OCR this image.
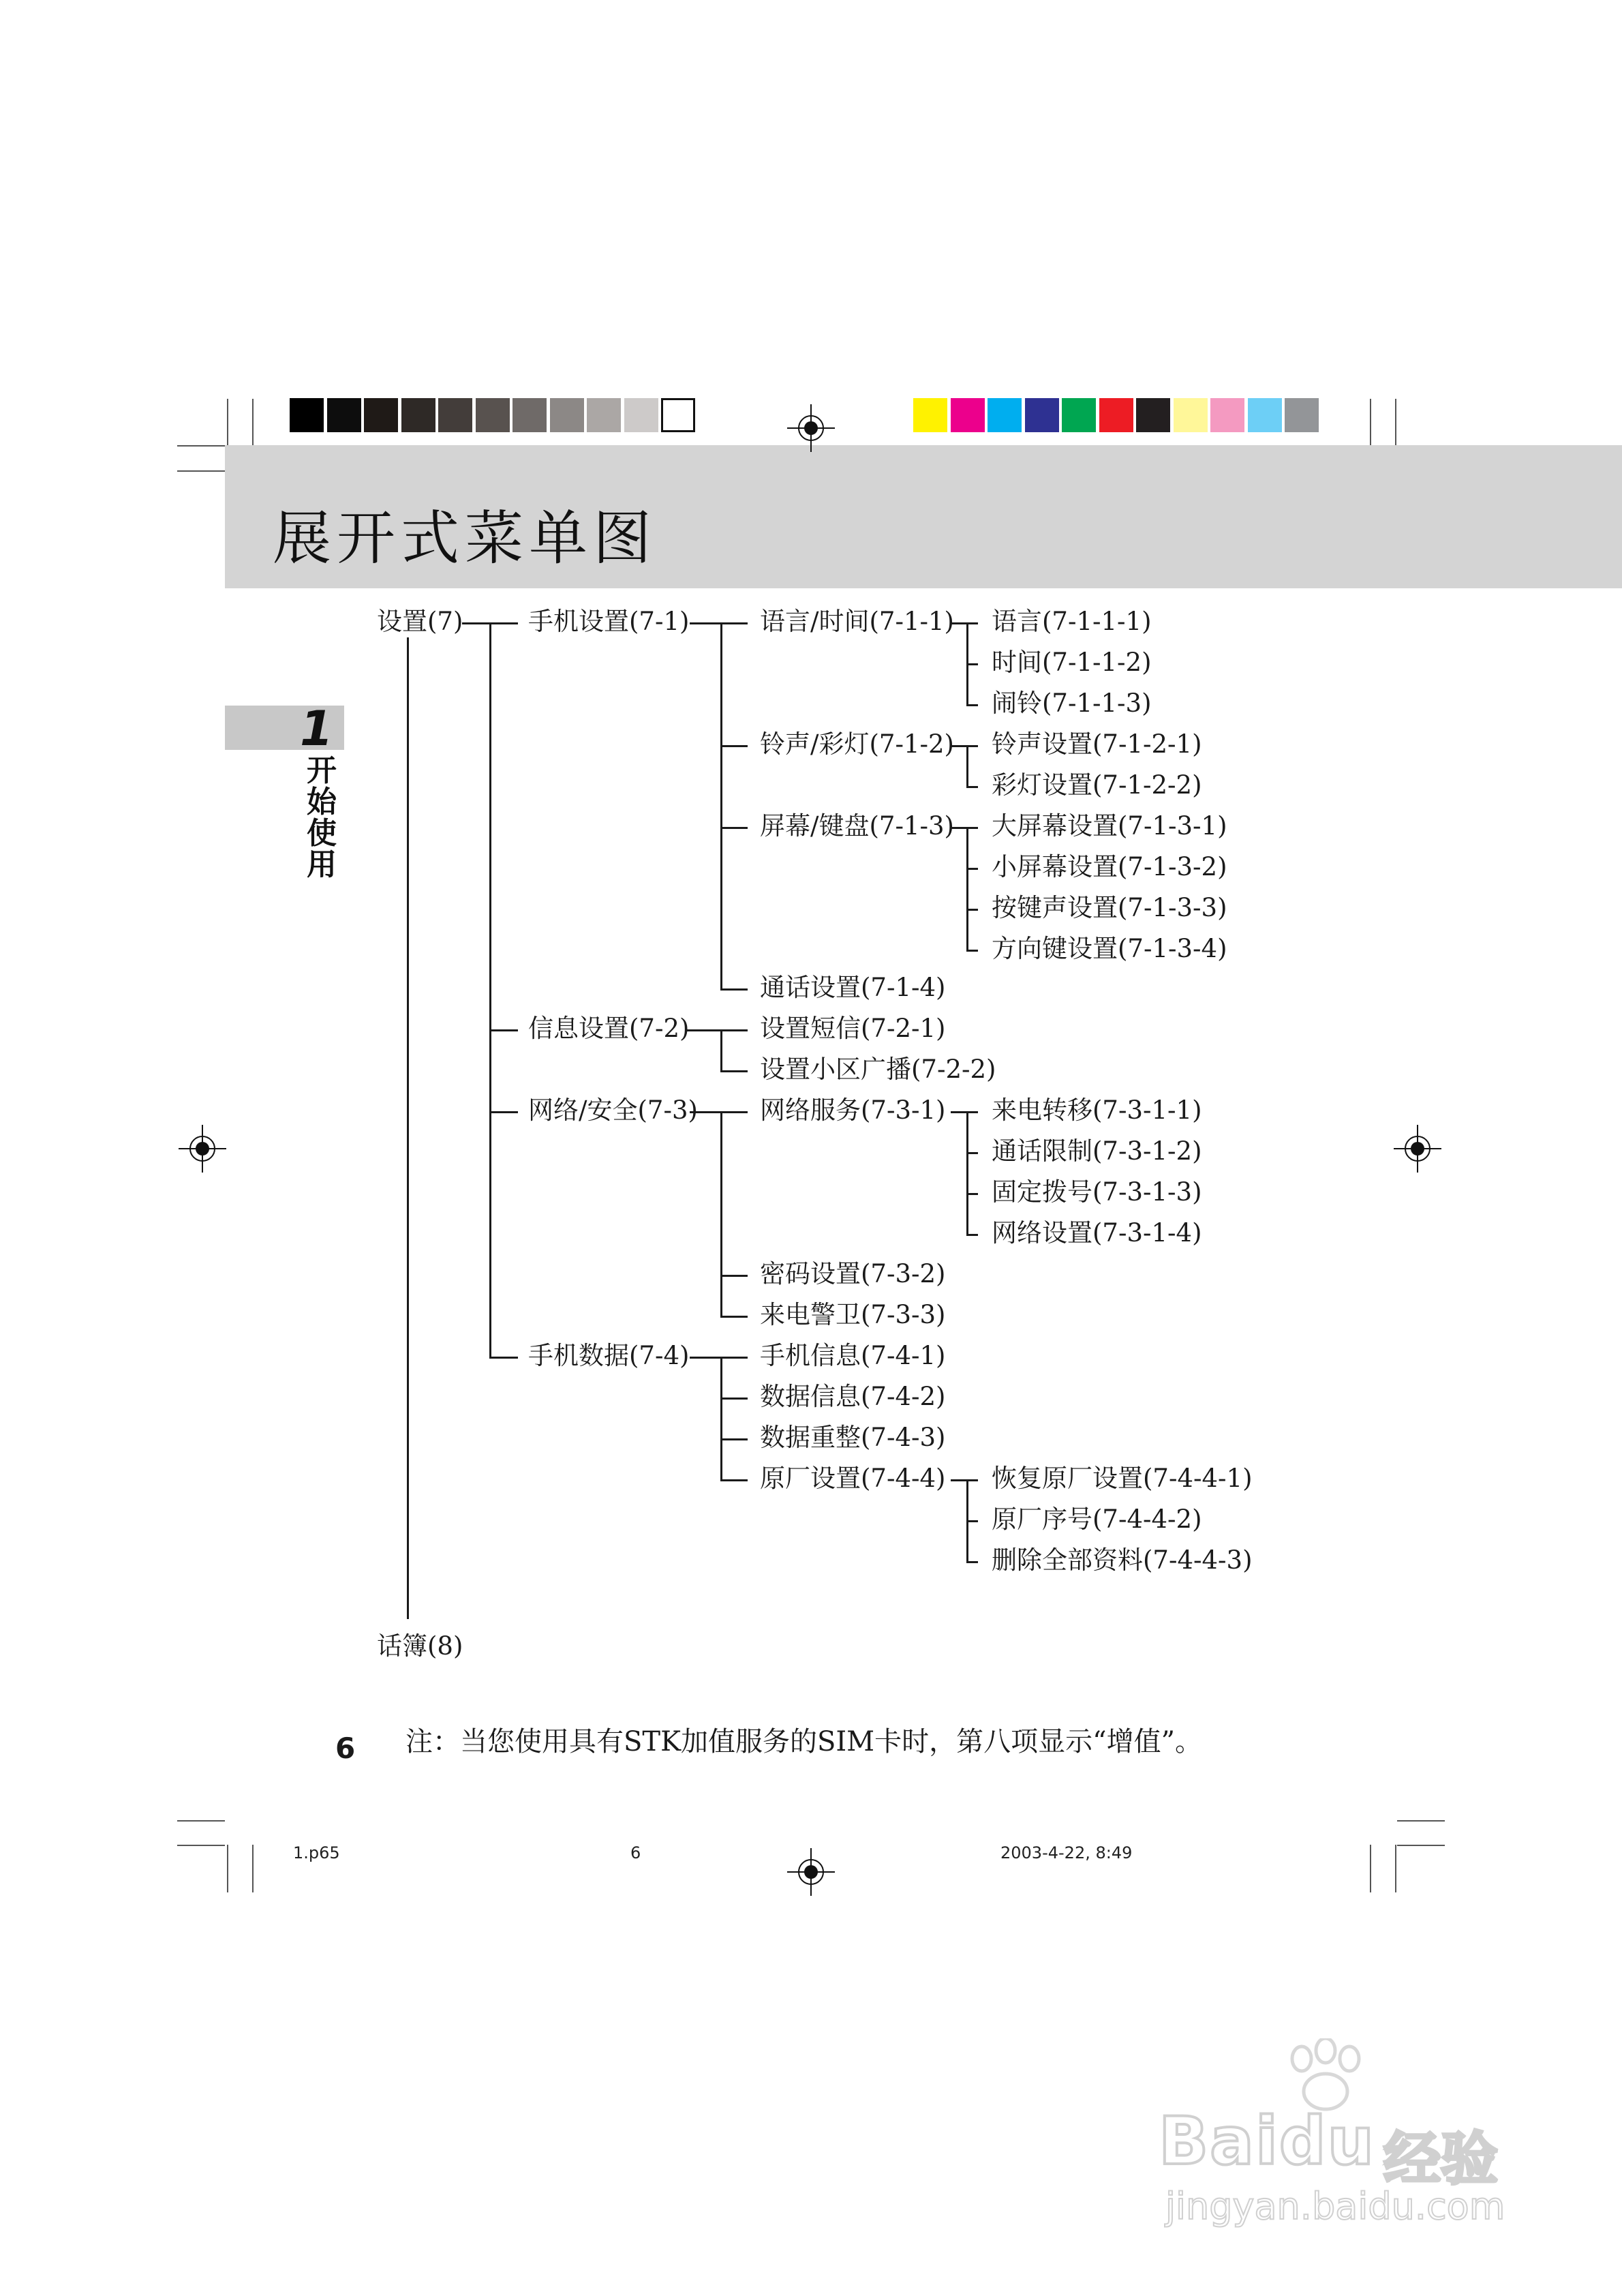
展开式菜单图
1
开始使用
设置(7)
话簿(8)
手机设置(7-1)
信息设置(7-2)
网络/安全(7-3)
手机数据(7-4)
语言/时间(7-1-1)
铃声/彩灯(7-1-2)
屏幕/键盘(7-1-3)
通话设置(7-1-4)
设置短信(7-2-1)
设置小区广播(7-2-2)
网络服务(7-3-1)
密码设置(7-3-2)
来电警卫(7-3-3)
手机信息(7-4-1)
数据信息(7-4-2)
数据重整(7-4-3)
原厂设置(7-4-4)
语言(7-1-1-1)
时间(7-1-1-2)
闹铃(7-1-1-3)
铃声设置(7-1-2-1)
彩灯设置(7-1-2-2)
大屏幕设置(7-1-3-1)
小屏幕设置(7-1-3-2)
按键声设置(7-1-3-3)
方向键设置(7-1-3-4)
来电转移(7-3-1-1)
通话限制(7-3-1-2)
固定拨号(7-3-1-3)
网络设置(7-3-1-4)
恢复原厂设置(7-4-4-1)
原厂序号(7-4-4-2)
删除全部资料(7-4-4-3)
注：当您使用具有STK加值服务的SIM卡时，第八项显示“增值”。
6
1.p65	6	2003-4-22, 8:49
Baidu 经验
jingyan.baidu.com
